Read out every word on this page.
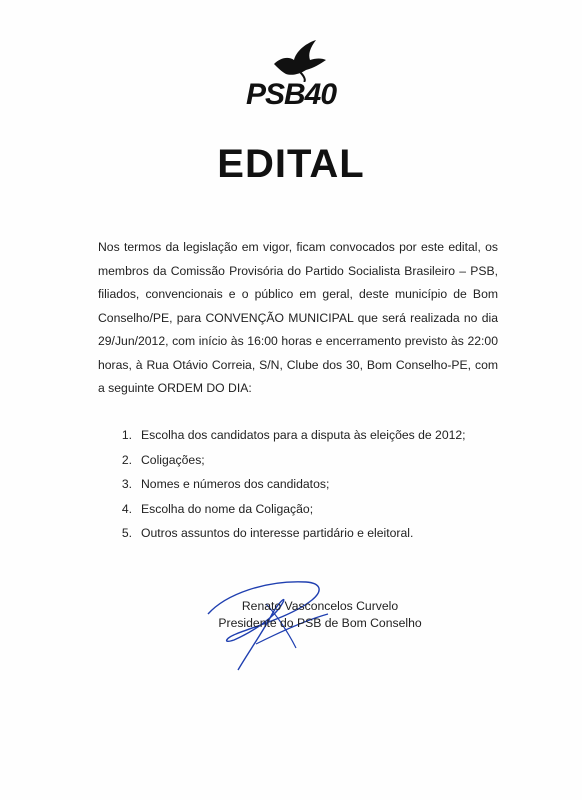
PSB40
EDITAL
Nos termos da legislação em vigor, ficam convocados por este edital, os membros da Comissão Provisória do Partido Socialista Brasileiro – PSB, filiados, convencionais e o público em geral, deste município de Bom Conselho/PE, para CONVENÇÃO MUNICIPAL que será realizada no dia 29/Jun/2012, com início às 16:00 horas e encerramento previsto às 22:00 horas, à Rua Otávio Correia, S/N, Clube dos 30, Bom Conselho-PE, com a seguinte ORDEM DO DIA:
1. Escolha dos candidatos para a disputa às eleições de 2012;
2. Coligações;
3. Nomes e números dos candidatos;
4. Escolha do nome da Coligação;
5. Outros assuntos do interesse partidário e eleitoral.
Renato Vasconcelos Curvelo
Presidente do PSB de Bom Conselho
